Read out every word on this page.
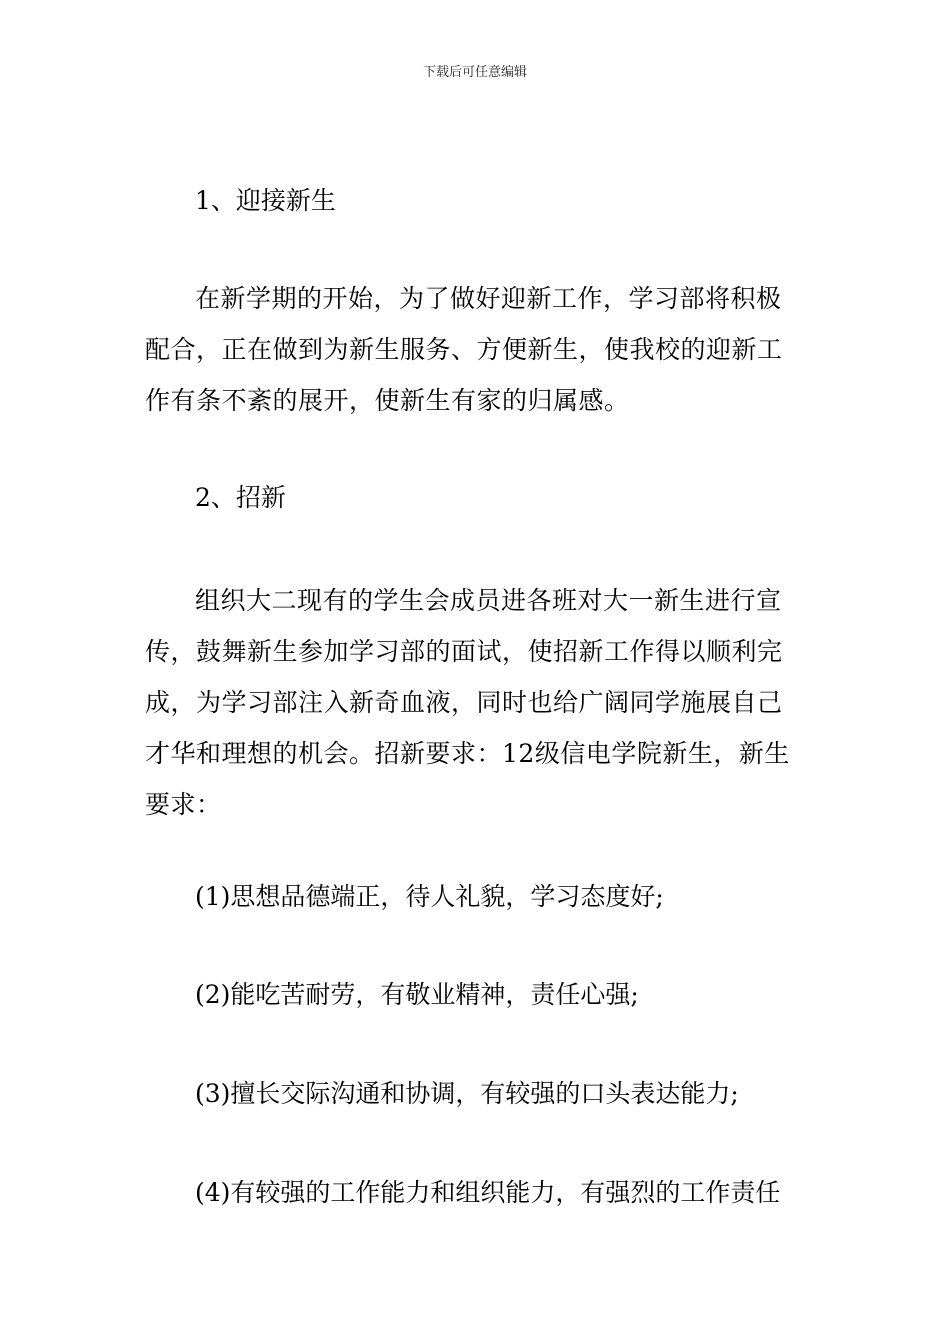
下载后可任意编辑

1、迎接新生

在新学期的开始，为了做好迎新工作，学习部将积极
配合，正在做到为新生服务、方便新生，使我校的迎新工
作有条不紊的展开，使新生有家的归属感。

2、招新

组织大二现有的学生会成员进各班对大一新生进行宣
传，鼓舞新生参加学习部的面试，使招新工作得以顺利完
成，为学习部注入新奇血液，同时也给广阔同学施展自己
才华和理想的机会。招新要求：12级信电学院新生，新生
要求：

(1)思想品德端正，待人礼貌，学习态度好;

(2)能吃苦耐劳，有敬业精神，责任心强;

(3)擅长交际沟通和协调，有较强的口头表达能力;

(4)有较强的工作能力和组织能力，有强烈的工作责任
